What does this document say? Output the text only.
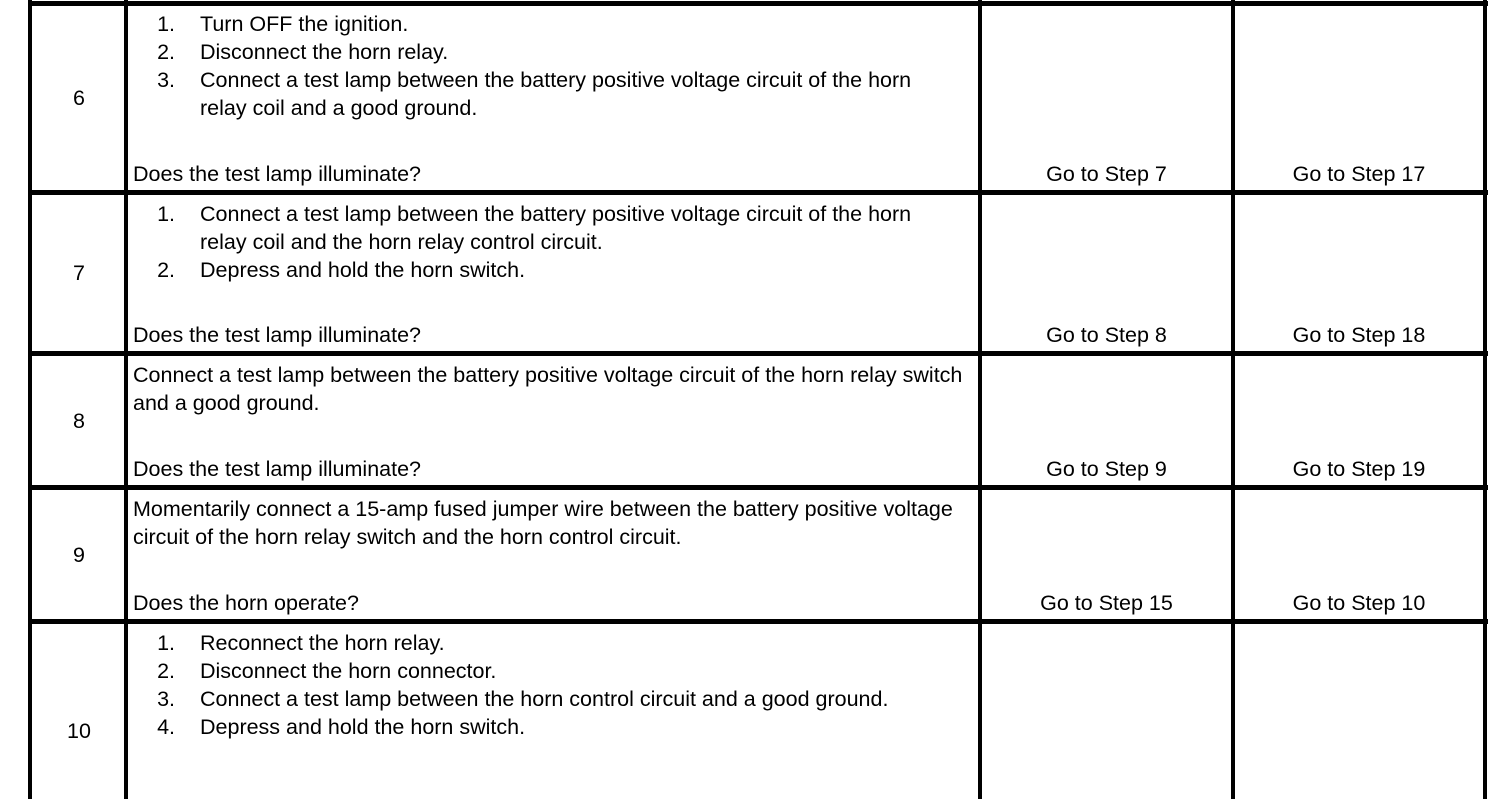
6
1.	Turn OFF the ignition.
2.	Disconnect the horn relay.
3.	Connect a test lamp between the battery positive voltage circuit of the horn relay coil and a good ground.
Does the test lamp illuminate?	Go to Step 7	Go to Step 17
7
1.	Connect a test lamp between the battery positive voltage circuit of the horn relay coil and the horn relay control circuit.
2.	Depress and hold the horn switch.
Does the test lamp illuminate?	Go to Step 8	Go to Step 18
8
Connect a test lamp between the battery positive voltage circuit of the horn relay switch and a good ground.
Does the test lamp illuminate?	Go to Step 9	Go to Step 19
9
Momentarily connect a 15-amp fused jumper wire between the battery positive voltage circuit of the horn relay switch and the horn control circuit.
Does the horn operate?	Go to Step 15	Go to Step 10
10
1.	Reconnect the horn relay.
2.	Disconnect the horn connector.
3.	Connect a test lamp between the horn control circuit and a good ground.
4.	Depress and hold the horn switch.
